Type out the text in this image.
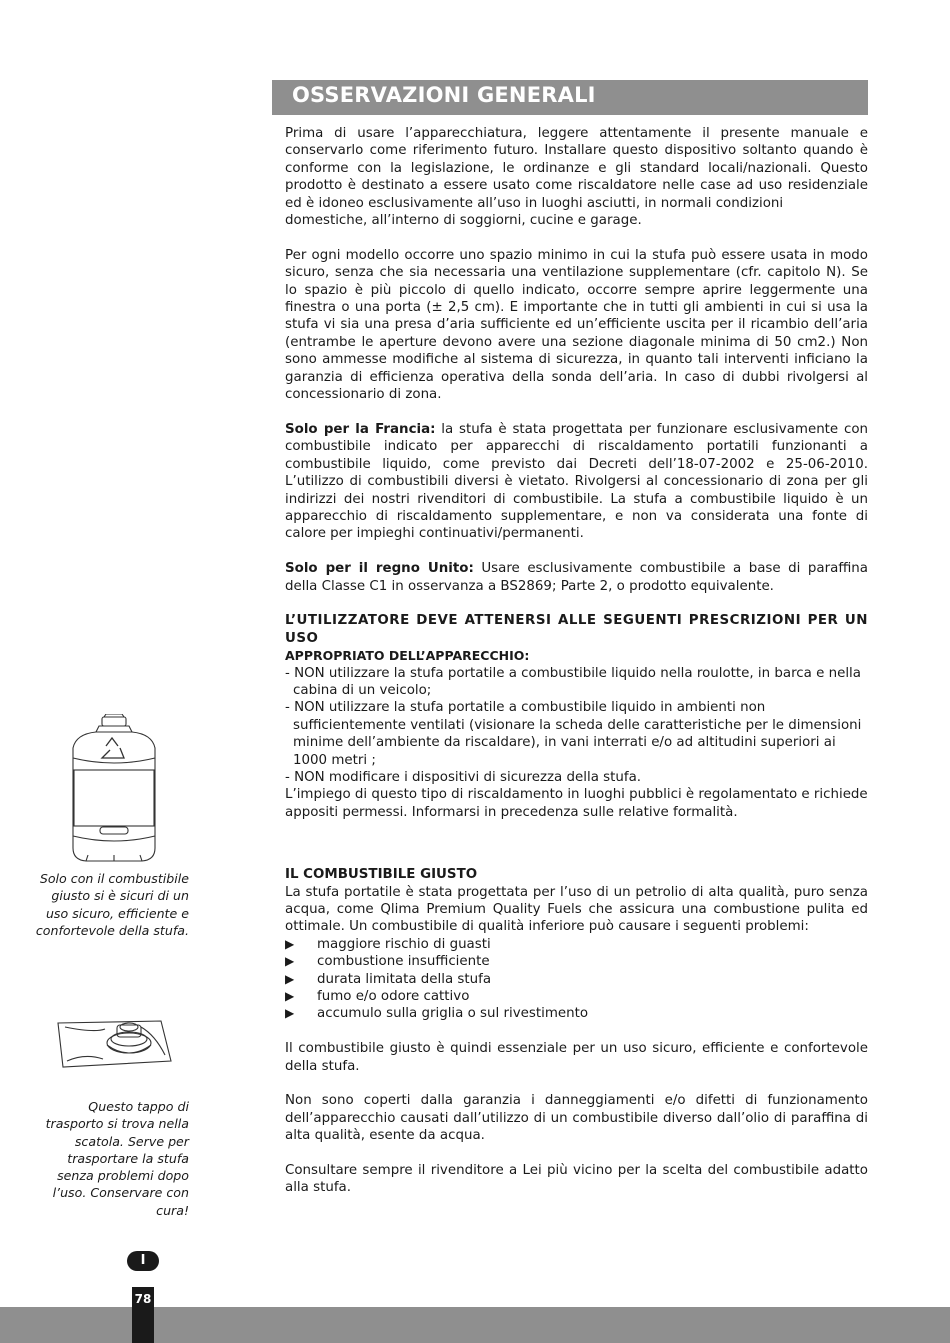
OSSERVAZIONI GENERALI

Prima di usare l’apparecchiatura, leggere attentamente il presente manuale e conservarlo come riferimento futuro. Installare questo dispositivo soltanto quando è conforme con la legislazione, le ordinanze e gli standard locali/nazionali. Questo prodotto è destinato a essere usato come riscaldatore nelle case ad uso residenziale ed è idoneo esclusivamente all’uso in luoghi asciutti, in normali condizioni

domestiche, all’interno di soggiorni, cucine e garage.

Per ogni modello occorre uno spazio minimo in cui la stufa può essere usata in modo sicuro, senza che sia necessaria una ventilazione supplementare (cfr. capitolo N). Se lo spazio è più piccolo di quello indicato, occorre sempre aprire leggermente una finestra o una porta (± 2,5 cm). E importante che in tutti gli ambienti in cui si usa la stufa vi sia una presa d’aria sufficiente ed un’efficiente uscita per il ricambio dell’aria (entrambe le aperture devono avere una sezione diagonale minima di 50 cm2.) Non sono ammesse modifiche al sistema di sicurezza, in quanto tali interventi inficiano la garanzia di efficienza operativa della sonda dell’aria. In caso di dubbi rivolgersi al concessionario di zona.

Solo per la Francia: la stufa è stata progettata per funzionare esclusivamente con combustibile indicato per apparecchi di riscaldamento portatili funzionanti a combustibile liquido, come previsto dai Decreti dell’18-07-2002 e 25-06-2010. L’utilizzo di combustibili diversi è vietato. Rivolgersi al concessionario di zona per gli indirizzi dei nostri rivenditori di combustibile. La stufa a combustibile liquido è un apparecchio di riscaldamento supplementare, e non va considerata una fonte di calore per impieghi continuativi/permanenti.

Solo per il regno Unito: Usare esclusivamente combustibile a base di paraffina della Classe C1 in osservanza a BS2869; Parte 2, o prodotto equivalente.

L’UTILIZZATORE DEVE ATTENERSI ALLE SEGUENTI PRESCRIZIONI PER UN USO

APPROPRIATO DELL’APPARECCHIO:

- NON utilizzare la stufa portatile a combustibile liquido nella roulotte, in barca e nella cabina di un veicolo;

- NON utilizzare la stufa portatile a combustibile liquido in ambienti non sufficientemente ventilati (visionare la scheda delle caratteristiche per le dimensioni minime dell’ambiente da riscaldare), in vani interrati e/o ad altitudini superiori ai 1000 metri ;

- NON modificare i dispositivi di sicurezza della stufa.

L’impiego di questo tipo di riscaldamento in luoghi pubblici è regolamentato e richiede appositi permessi. Informarsi in precedenza sulle relative formalità.

IL COMBUSTIBILE GIUSTO

La stufa portatile è stata progettata per l’uso di un petrolio di alta qualità, puro senza acqua, come Qlima Premium Quality Fuels che assicura una combustione pulita ed ottimale. Un combustibile di qualità inferiore può causare i seguenti problemi:

▶ maggiore rischio di guasti
▶ combustione insufficiente
▶ durata limitata della stufa
▶ fumo e/o odore cattivo
▶ accumulo sulla griglia o sul rivestimento

Il combustibile giusto è quindi essenziale per un uso sicuro, efficiente e confortevole della stufa.

Non sono coperti dalla garanzia i danneggiamenti e/o difetti di funzionamento dell’apparecchio causati dall’utilizzo di un combustibile diverso dall’olio di paraffina di alta qualità, esente da acqua.

Consultare sempre il rivenditore a Lei più vicino per la scelta del combustibile adatto alla stufa.

Solo con il combustibile giusto si è sicuri di un uso sicuro, efficiente e confortevole della stufa.
Questo tappo di trasporto si trova nella scatola. Serve per trasportare la stufa senza problemi dopo l’uso. Conservare con cura!
I
78
